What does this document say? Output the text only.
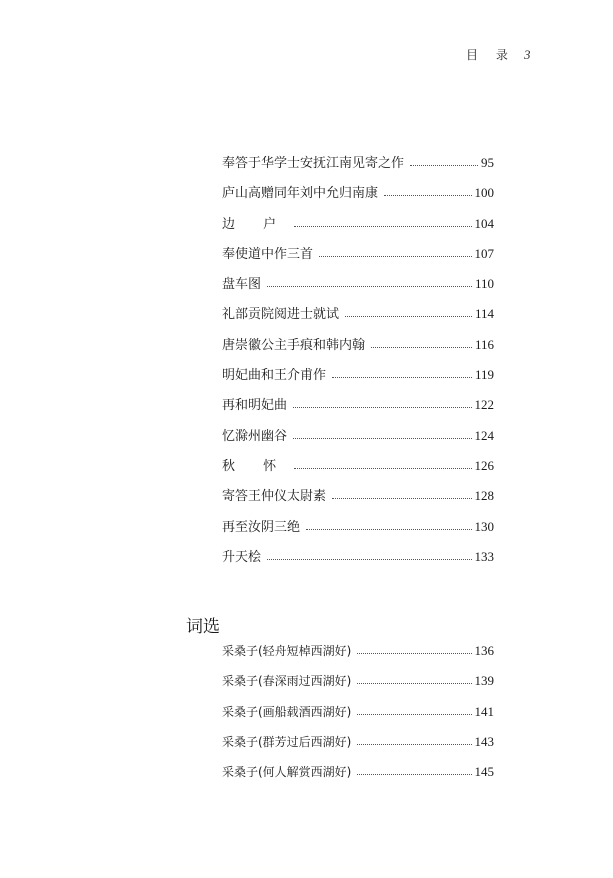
目 录 3
奉答于华学士安抚江南见寄之作	95
庐山高赠同年刘中允归南康	100
边 户	104
奉使道中作三首	107
盘车图	110
礼部贡院阅进士就试	114
唐崇徽公主手痕和韩内翰	116
明妃曲和王介甫作	119
再和明妃曲	122
忆滁州幽谷	124
秋 怀	126
寄答王仲仪太尉素	128
再至汝阴三绝	130
升天桧	133
词选
采桑子(轻舟短棹西湖好)	136
采桑子(春深雨过西湖好)	139
采桑子(画船载酒西湖好)	141
采桑子(群芳过后西湖好)	143
采桑子(何人解赏西湖好)	145
